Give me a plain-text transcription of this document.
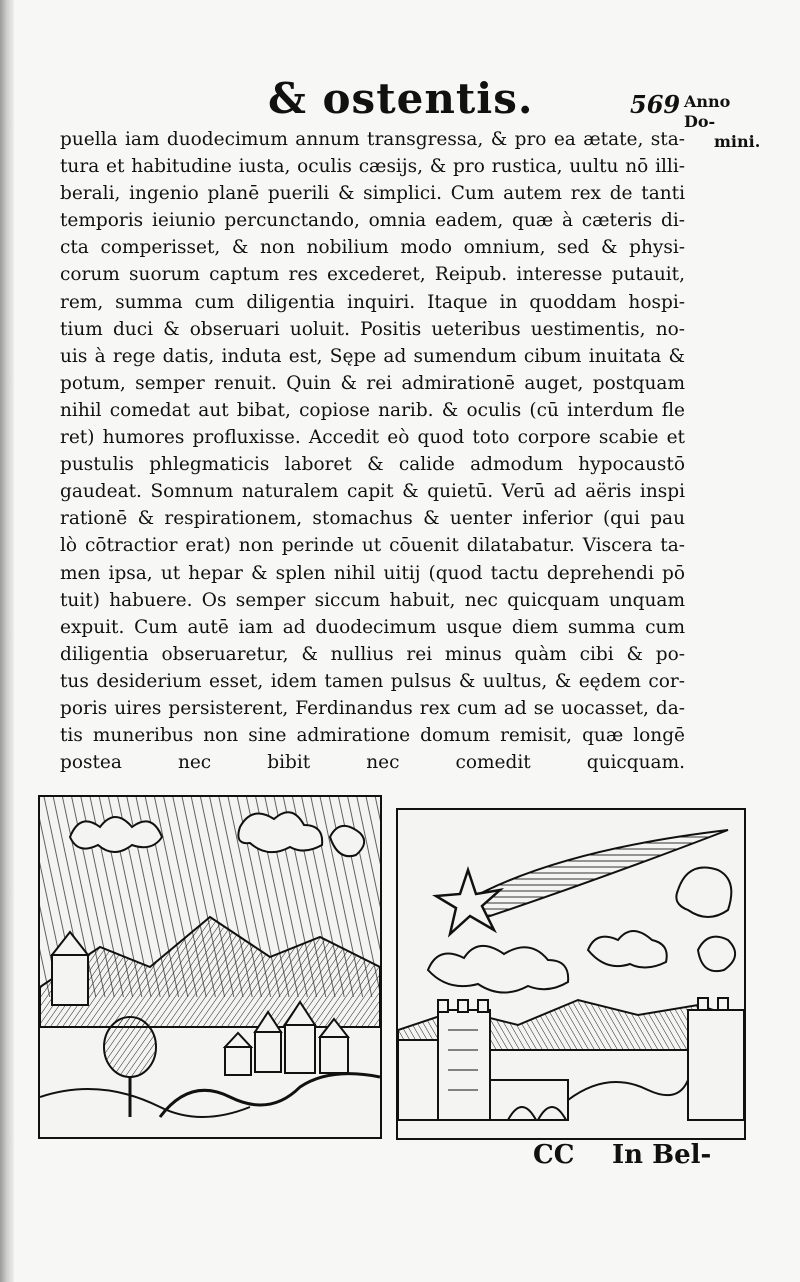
& ostentis.	569 Anno Do-
mini.
puella iam duodecimum annum transgressa, & pro ea ætate, sta-
tura et habitudine iusta, oculis cæsijs, & pro rustica, uultu nō illi-
berali, ingenio planē puerili & simplici. Cum autem rex de tanti
temporis ieiunio percunctando, omnia eadem, quæ à cæteris di-
cta comperisset, & non nobilium modo omnium, sed & physi-
corum suorum captum res excederet, Reipub. interesse putauit,
rem, summa cum diligentia inquiri. Itaque in quoddam hospi-
tium duci & obseruari uoluit. Positis ueteribus uestimentis, no-
uis à rege datis, induta est, Sępe ad sumendum cibum inuitata &
potum, semper renuit. Quin & rei admirationē auget, postquam
nihil comedat aut bibat, copiose narib. & oculis (cū interdum fle
ret) humores profluxisse. Accedit eò quod toto corpore scabie et
pustulis phlegmaticis laboret & calide admodum hypocaustō
gaudeat. Somnum naturalem capit & quietū. Verū ad aëris inspi
rationē & respirationem, stomachus & uenter inferior (qui pau
lò cōtractior erat) non perinde ut cōuenit dilatabatur. Viscera ta-
men ipsa, ut hepar & splen nihil uitij (quod tactu deprehendi pō
tuit) habuere. Os semper siccum habuit, nec quicquam unquam
expuit. Cum autē iam ad duodecimum usque diem summa cum
diligentia obseruaretur, & nullius rei minus quàm cibi & po-
tus desiderium esset, idem tamen pulsus & uultus, & eędem cor-
poris uires persisterent, Ferdinandus rex cum ad se uocasset, da-
tis muneribus non sine admiratione domum remisit, quæ longē
postea nec bibit nec comedit quicquam.
CC In Bel-
